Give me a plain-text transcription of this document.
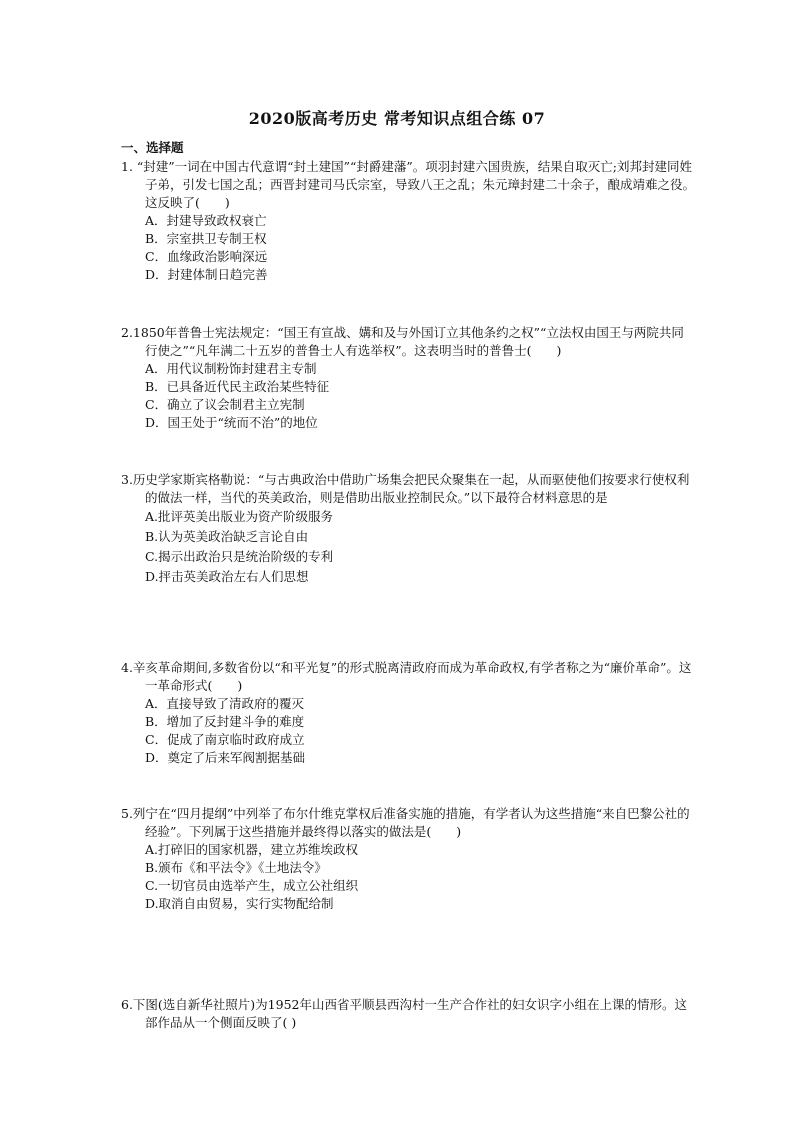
2020版高考历史 常考知识点组合练 07
一、选择题
1. “封建”一词在中国古代意谓“封土建国”“封爵建藩”。项羽封建六国贵族，结果自取灭亡;刘邦封建同姓子弟，引发七国之乱；西晋封建司马氏宗室，导致八王之乱；朱元璋封建二十余子，酿成靖难之役。这反映了(　　)
A．封建导致政权衰亡
B．宗室拱卫专制王权
C．血缘政治影响深远
D．封建体制日趋完善
2.1850年普鲁士宪法规定：“国王有宣战、媾和及与外国订立其他条约之权”“立法权由国王与两院共同行使之”“凡年满二十五岁的普鲁士人有选举权”。这表明当时的普鲁士(　　)
A．用代议制粉饰封建君主专制
B．已具备近代民主政治某些特征
C．确立了议会制君主立宪制
D．国王处于“统而不治”的地位
3.历史学家斯宾格勒说：“与古典政治中借助广场集会把民众聚集在一起，从而驱使他们按要求行使权利的做法一样，当代的英美政治，则是借助出版业控制民众。”以下最符合材料意思的是
A.批评英美出版业为资产阶级服务
B.认为英美政治缺乏言论自由
C.揭示出政治只是统治阶级的专利
D.抨击英美政治左右人们思想
4.辛亥革命期间,多数省份以“和平光复”的形式脱离清政府而成为革命政权,有学者称之为“廉价革命”。这一革命形式(　　)
A．直接导致了清政府的覆灭
B．增加了反封建斗争的难度
C．促成了南京临时政府成立
D．奠定了后来军阀割据基础
5.列宁在“四月提纲”中列举了布尔什维克掌权后准备实施的措施，有学者认为这些措施“来自巴黎公社的经验”。下列属于这些措施并最终得以落实的做法是(　　)
A.打碎旧的国家机器，建立苏维埃政权
B.颁布《和平法令》《土地法令》
C.一切官员由选举产生，成立公社组织
D.取消自由贸易，实行实物配给制
6.下图(选自新华社照片)为1952年山西省平顺县西沟村一生产合作社的妇女识字小组在上课的情形。这部作品从一个侧面反映了( )
